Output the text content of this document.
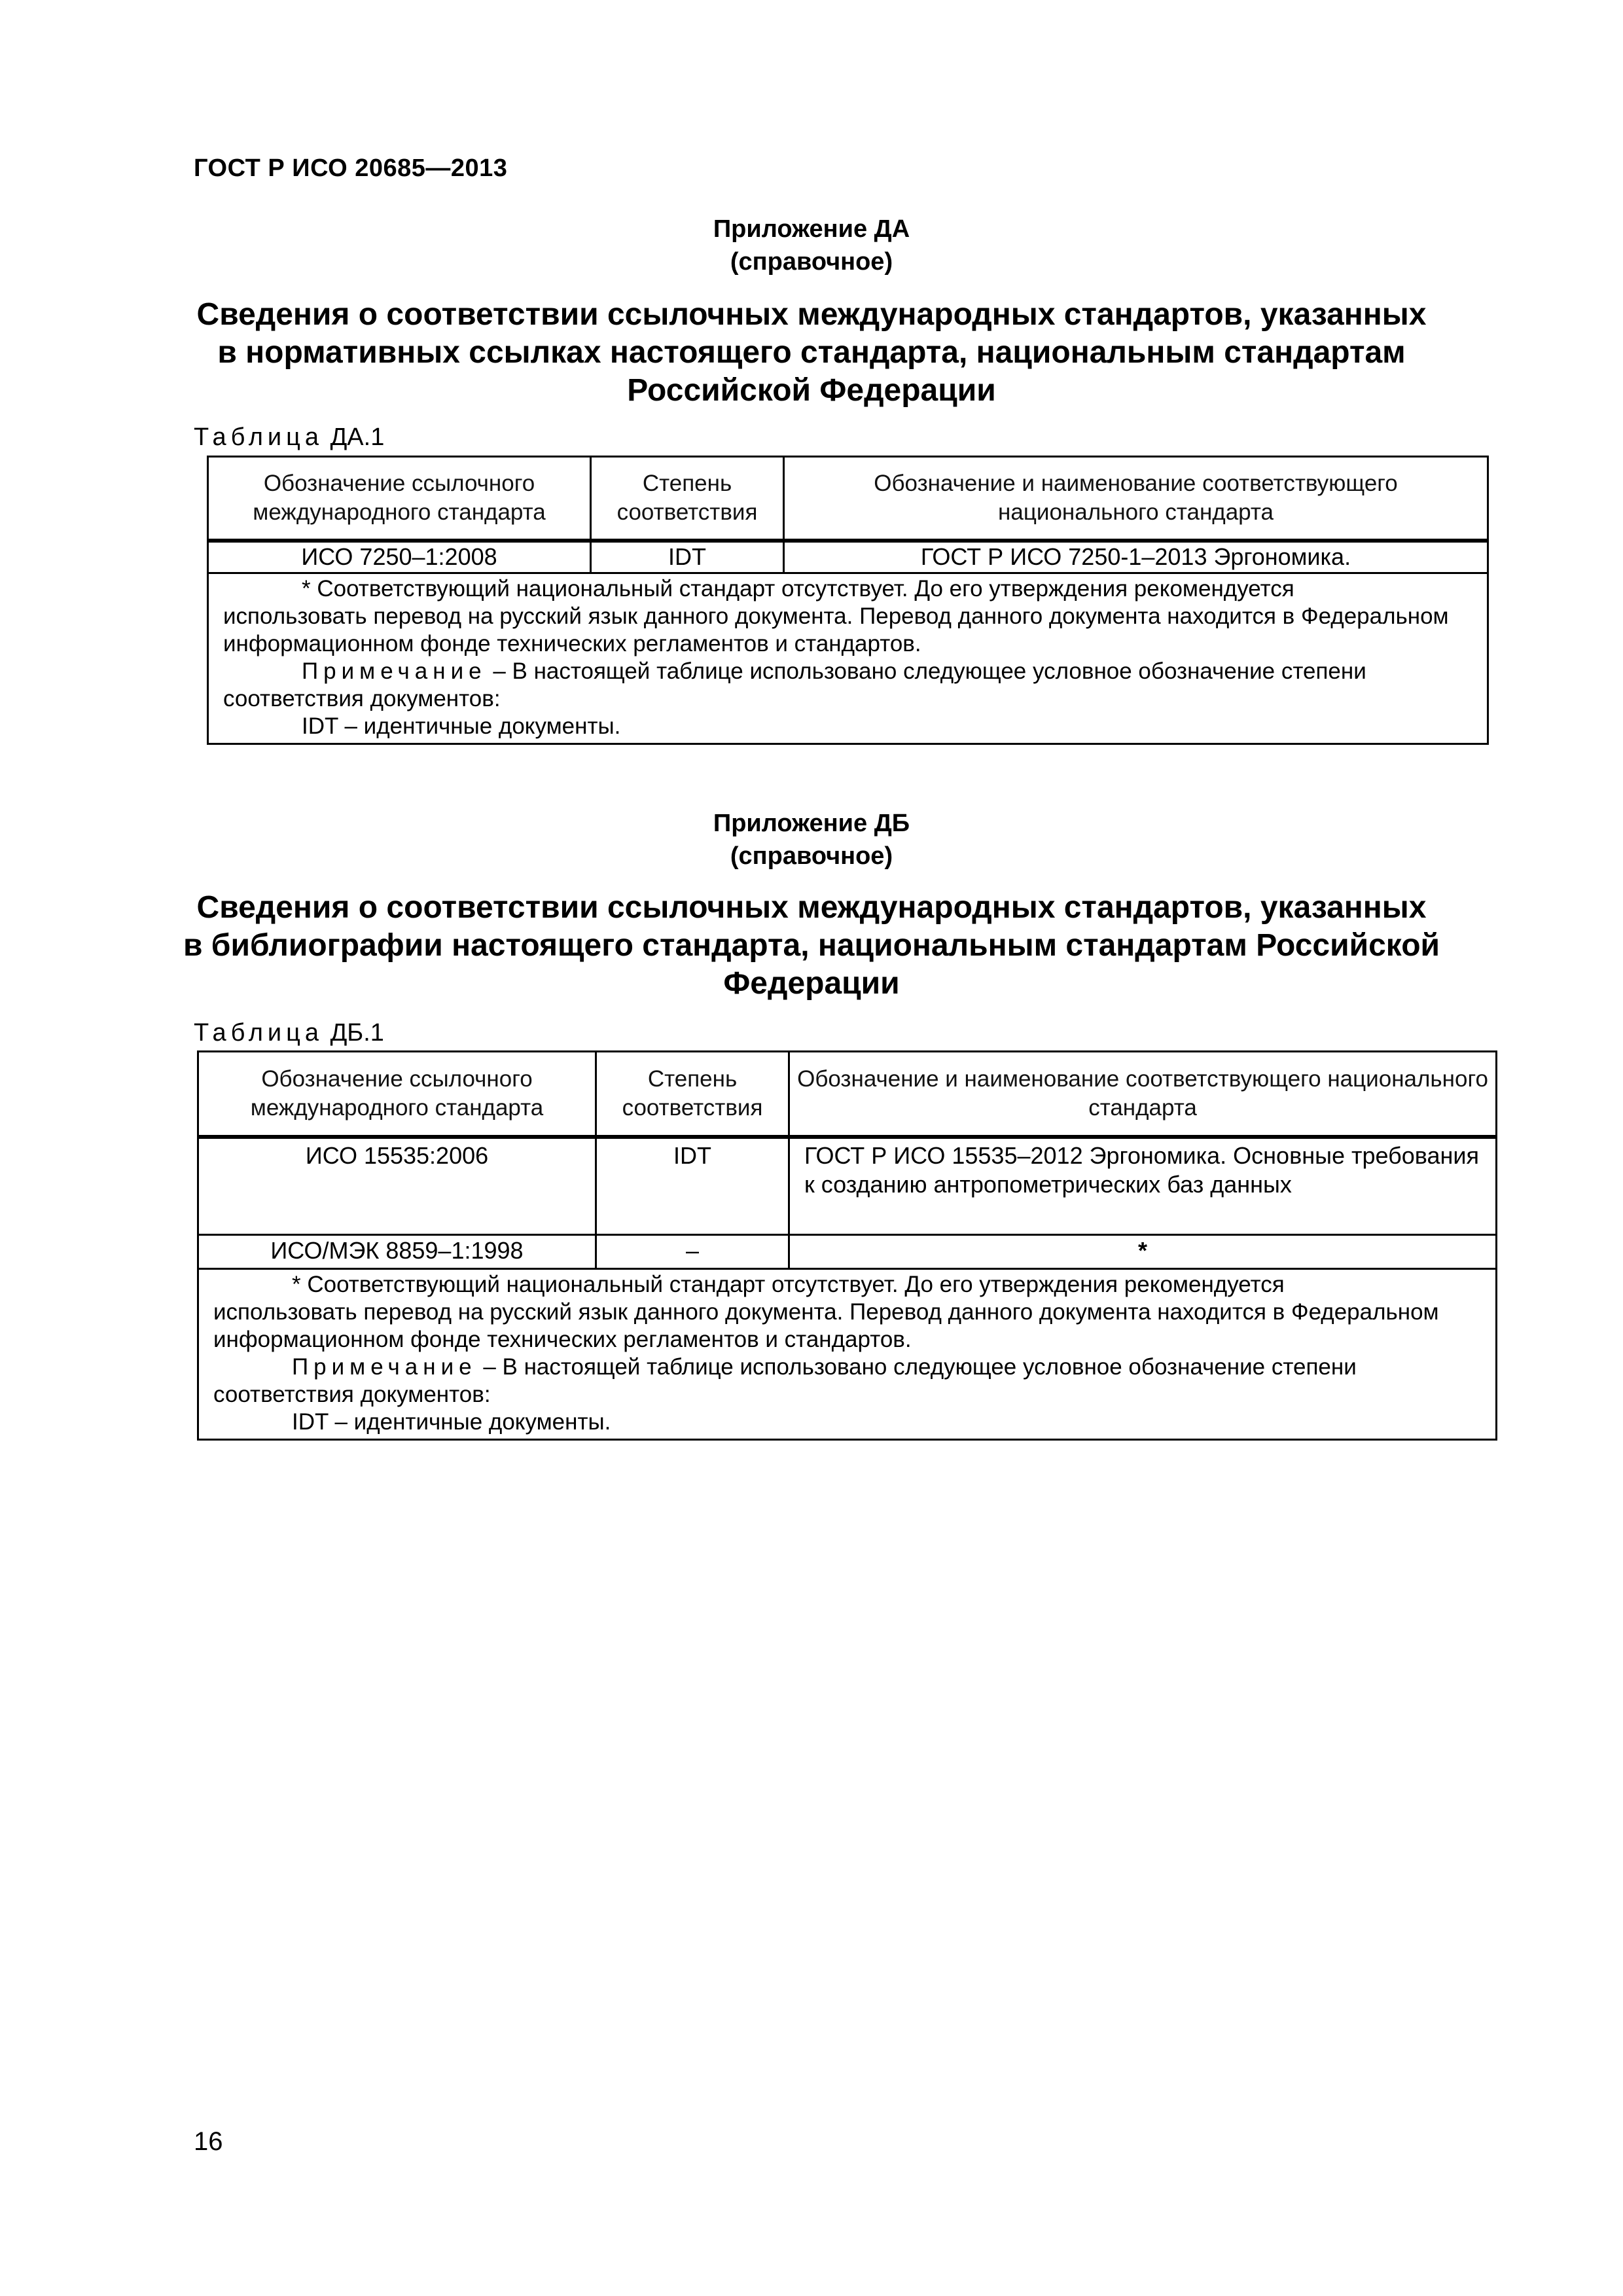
ГОСТ Р ИСО 20685—2013
Приложение ДА
(справочное)
Сведения о соответствии ссылочных международных стандартов, указанных
в нормативных ссылках настоящего стандарта, национальным стандартам
Российской Федерации
Таблица ДА.1
Обозначение ссылочного международного стандарта	Степень соответствия	Обозначение и наименование соответствующего национального стандарта
ИСО 7250–1:2008	IDT	ГОСТ Р ИСО 7250-1–2013 Эргономика.

* Соответствующий национальный стандарт отсутствует. До его утверждения рекомендуется
использовать перевод на русский язык данного документа. Перевод данного документа находится в Федеральном информационном фонде технических регламентов и стандартов.
Примечание – В настоящей таблице использовано следующее условное обозначение степени
соответствия документов:
IDT – идентичные документы.		
Приложение ДБ
(справочное)
Сведения о соответствии ссылочных международных стандартов, указанных
в библиографии настоящего стандарта, национальным стандартам Российской
Федерации
Таблица ДБ.1
Обозначение ссылочного международного стандарта	Степень соответствия	Обозначение и наименование соответствующего национального стандарта
ИСО 15535:2006	IDT	ГОСТ Р ИСО 15535–2012 Эргономика. Основные требования к созданию антропометрических баз данных
ИСО/МЭК 8859–1:1998	–	*

* Соответствующий национальный стандарт отсутствует. До его утверждения рекомендуется
использовать перевод на русский язык данного документа. Перевод данного документа находится в Федеральном информационном фонде технических регламентов и стандартов.
Примечание – В настоящей таблице использовано следующее условное обозначение степени
соответствия документов:
IDT – идентичные документы.		
16
